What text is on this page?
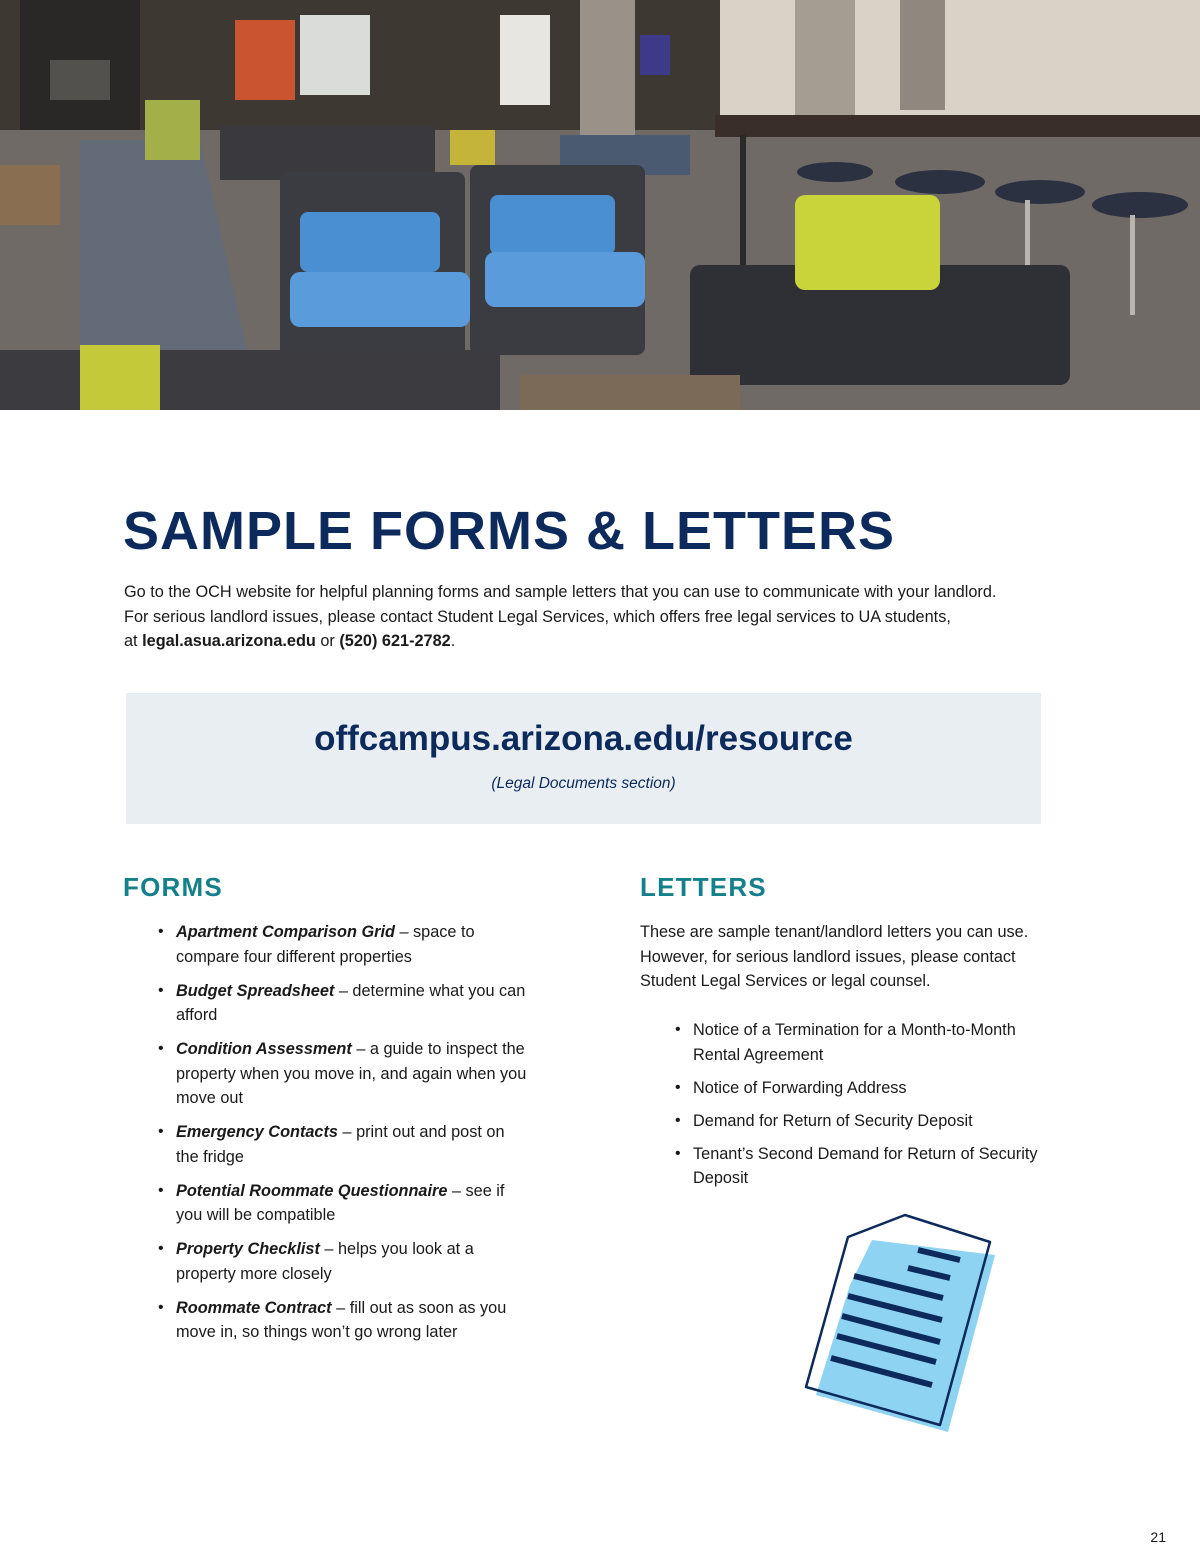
SAMPLE FORMS & LETTERS
Go to the OCH website for helpful planning forms and sample letters that you can use to communicate with your landlord.
For serious landlord issues, please contact Student Legal Services, which offers free legal services to UA students,
at legal.asua.arizona.edu or (520) 621-2782.
offcampus.arizona.edu/resource
(Legal Documents section)
FORMS
• Apartment Comparison Grid – space to compare four different properties
• Budget Spreadsheet – determine what you can afford
• Condition Assessment – a guide to inspect the property when you move in, and again when you move out
• Emergency Contacts – print out and post on the fridge
• Potential Roommate Questionnaire – see if you will be compatible
• Property Checklist – helps you look at a property more closely
• Roommate Contract – fill out as soon as you move in, so things won’t go wrong later
LETTERS

These are sample tenant/landlord letters you can use. However, for serious landlord issues, please contact Student Legal Services or legal counsel.

• Notice of a Termination for a Month-to-Month Rental Agreement
• Notice of Forwarding Address
• Demand for Return of Security Deposit
• Tenant’s Second Demand for Return of Security Deposit
21
